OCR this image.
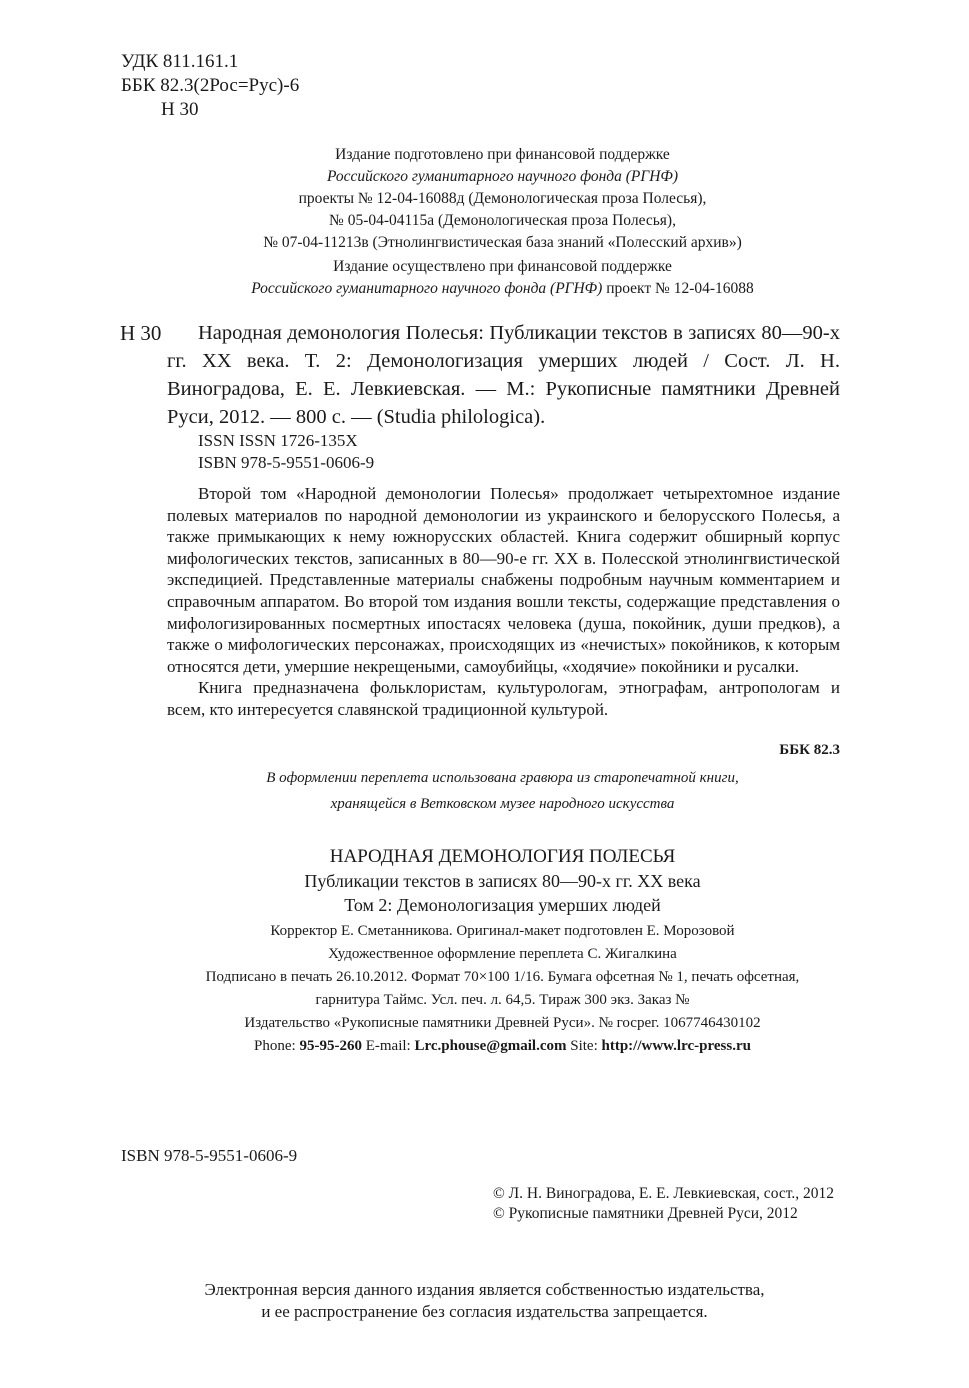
УДК 811.161.1
ББК 82.3(2Рос=Рус)-6
Н 30
Издание подготовлено при финансовой поддержке
Российского гуманитарного научного фонда (РГНФ)
проекты № 12-04-16088д (Демонологическая проза Полесья),
№ 05-04-04115а (Демонологическая проза Полесья),
№ 07-04-11213в (Этнолингвистическая база знаний «Полесский архив»)
Издание осуществлено при финансовой поддержке
Российского гуманитарного научного фонда (РГНФ) проект № 12-04-16088
Н 30	Народная демонология Полесья: Публикации текстов в записях 80—90-х гг. XX века. Т. 2: Демонологизация умерших людей / Сост. Л. Н. Виноградова, Е. Е. Левкиевская. — М.: Рукописные памятники Древней Руси, 2012. — 800 с. — (Studia philologica).
ISSN ISSN 1726-135X
ISBN 978-5-9551-0606-9

Второй том «Народной демонологии Полесья» продолжает четырехтомное издание полевых материалов по народной демонологии из украинского и белорусского Полесья, а также примыкающих к нему южнорусских областей. Книга содержит обширный корпус мифологических текстов, записанных в 80—90-е гг. XX в. Полесской этнолингвистической экспедицией. Представленные материалы снабжены подробным научным комментарием и справочным аппаратом. Во второй том издания вошли тексты, содержащие представления о мифологизированных посмертных ипостасях человека (душа, покойник, души предков), а также о мифологических персонажах, происходящих из «нечистых» покойников, к которым относятся дети, умершие некрещеными, самоубийцы, «ходячие» покойники и русалки.

Книга предназначена фольклористам, культурологам, этнографам, антропологам и всем, кто интересуется славянской традиционной культурой.

ББК 82.3
В оформлении переплета использована гравюра из старопечатной книги,
хранящейся в Ветковском музее народного искусства
НАРОДНАЯ ДЕМОНОЛОГИЯ ПОЛЕСЬЯ
Публикации текстов в записях 80—90-х гг. XX века
Том 2: Демонологизация умерших людей
Корректор Е. Сметанникова. Оригинал-макет подготовлен Е. Морозовой
Художественное оформление переплета С. Жигалкина
Подписано в печать 26.10.2012. Формат 70×100 1/16. Бумага офсетная № 1, печать офсетная,
гарнитура Таймс. Усл. печ. л. 64,5. Тираж 300 экз. Заказ №
Издательство «Рукописные памятники Древней Руси». № госрег. 1067746430102
Phone: 95-95-260 E-mail: Lrc.phouse@gmail.com Site: http://www.lrc-press.ru
ISBN 978-5-9551-0606-9
© Л. Н. Виноградова, Е. Е. Левкиевская, сост., 2012
© Рукописные памятники Древней Руси, 2012
Электронная версия данного издания является собственностью издательства,
и ее распространение без согласия издательства запрещается.
